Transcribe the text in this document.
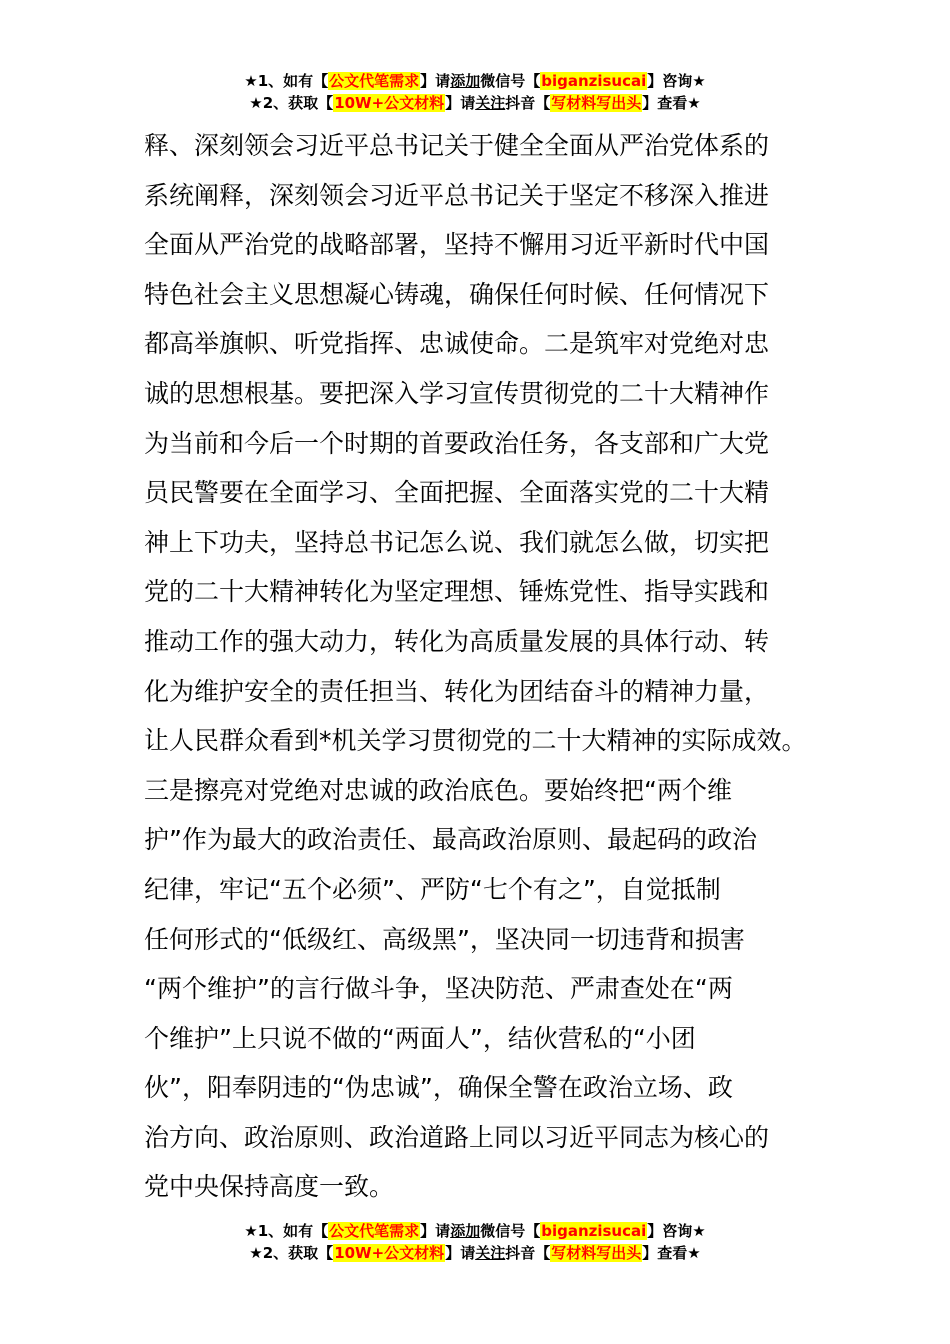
★1、如有【公文代笔需求】请添加微信号【biganzisucai】咨询★
★2、获取【10W+公文材料】请关注抖音【写材料写出头】查看★
释、深刻领会习近平总书记关于健全全面从严治党体系的
系统阐释，深刻领会习近平总书记关于坚定不移深入推进
全面从严治党的战略部署，坚持不懈用习近平新时代中国
特色社会主义思想凝心铸魂，确保任何时候、任何情况下
都高举旗帜、听党指挥、忠诚使命。二是筑牢对党绝对忠
诚的思想根基。要把深入学习宣传贯彻党的二十大精神作
为当前和今后一个时期的首要政治任务，各支部和广大党
员民警要在全面学习、全面把握、全面落实党的二十大精
神上下功夫，坚持总书记怎么说、我们就怎么做，切实把
党的二十大精神转化为坚定理想、锤炼党性、指导实践和
推动工作的强大动力，转化为高质量发展的具体行动、转
化为维护安全的责任担当、转化为团结奋斗的精神力量，
让人民群众看到*机关学习贯彻党的二十大精神的实际成效。
三是擦亮对党绝对忠诚的政治底色。要始终把“两个维
护”作为最大的政治责任、最高政治原则、最起码的政治
纪律，牢记“五个必须”、严防“七个有之”，自觉抵制
任何形式的“低级红、高级黑”，坚决同一切违背和损害
“两个维护”的言行做斗争，坚决防范、严肃查处在“两
个维护”上只说不做的“两面人”，结伙营私的“小团
伙”，阳奉阴违的“伪忠诚”，确保全警在政治立场、政
治方向、政治原则、政治道路上同以习近平同志为核心的
党中央保持高度一致。
★1、如有【公文代笔需求】请添加微信号【biganzisucai】咨询★
★2、获取【10W+公文材料】请关注抖音【写材料写出头】查看★
